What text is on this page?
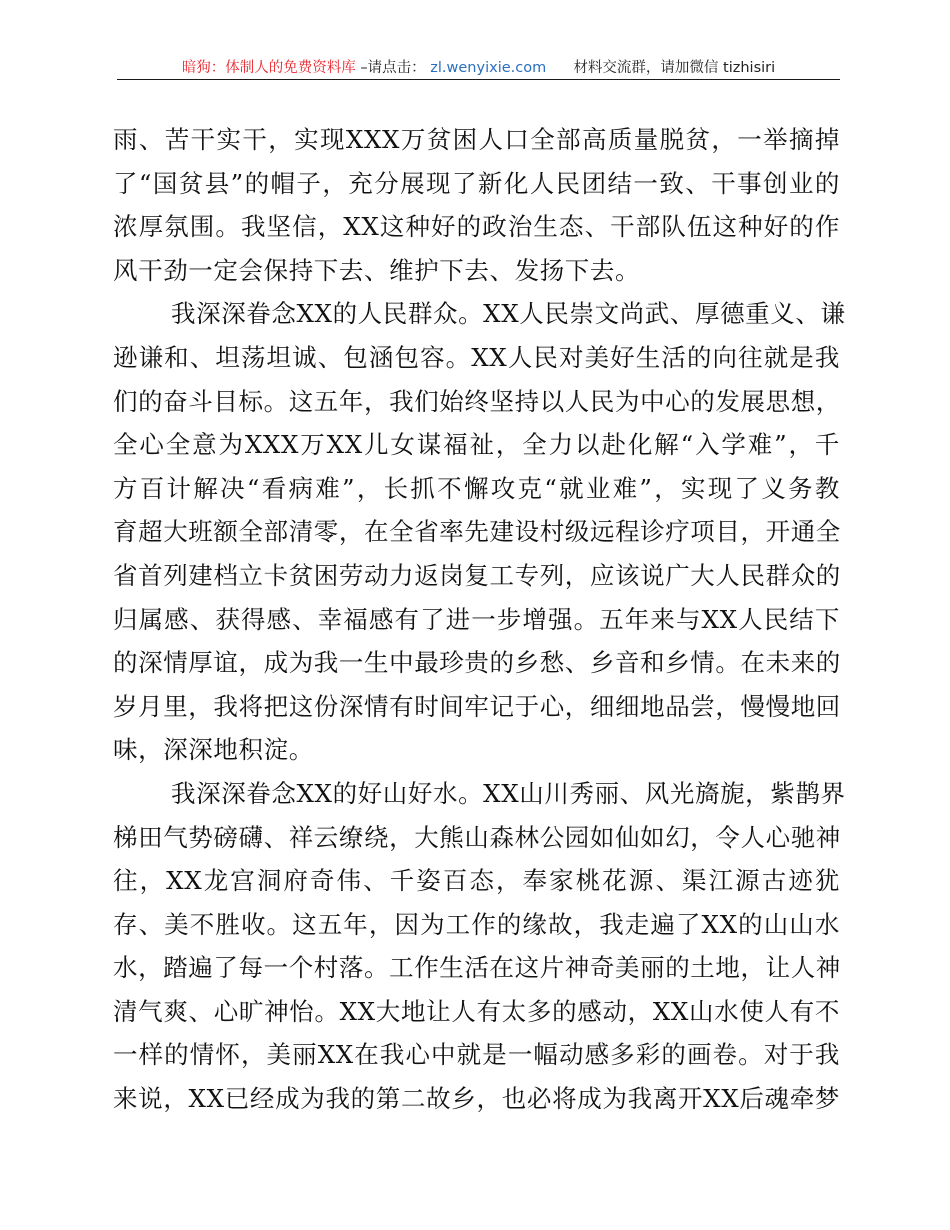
暗狗：体制人的免费资料库 –请点击： zl.wenyixie.com 材料交流群，请加微信 tizhisiri
雨、苦干实干，实现XXX万贫困人口全部高质量脱贫，一举摘掉
了“国贫县”的帽子，充分展现了新化人民团结一致、干事创业的
浓厚氛围。我坚信，XX这种好的政治生态、干部队伍这种好的作
风干劲一定会保持下去、维护下去、发扬下去。
我深深眷念XX的人民群众。XX人民崇文尚武、厚德重义、谦
逊谦和、坦荡坦诚、包涵包容。XX人民对美好生活的向往就是我
们的奋斗目标。这五年，我们始终坚持以人民为中心的发展思想，
全心全意为XXX万XX儿女谋福祉，全力以赴化解“入学难”，千
方百计解决“看病难”，长抓不懈攻克“就业难”，实现了义务教
育超大班额全部清零，在全省率先建设村级远程诊疗项目，开通全
省首列建档立卡贫困劳动力返岗复工专列，应该说广大人民群众的
归属感、获得感、幸福感有了进一步增强。五年来与XX人民结下
的深情厚谊，成为我一生中最珍贵的乡愁、乡音和乡情。在未来的
岁月里，我将把这份深情有时间牢记于心，细细地品尝，慢慢地回
味，深深地积淀。
我深深眷念XX的好山好水。XX山川秀丽、风光旖旎，紫鹊界
梯田气势磅礴、祥云缭绕，大熊山森林公园如仙如幻，令人心驰神
往，XX龙宫洞府奇伟、千姿百态，奉家桃花源、渠江源古迹犹
存、美不胜收。这五年，因为工作的缘故，我走遍了XX的山山水
水，踏遍了每一个村落。工作生活在这片神奇美丽的土地，让人神
清气爽、心旷神怡。XX大地让人有太多的感动，XX山水使人有不
一样的情怀，美丽XX在我心中就是一幅动感多彩的画卷。对于我
来说，XX已经成为我的第二故乡，也必将成为我离开XX后魂牵梦
